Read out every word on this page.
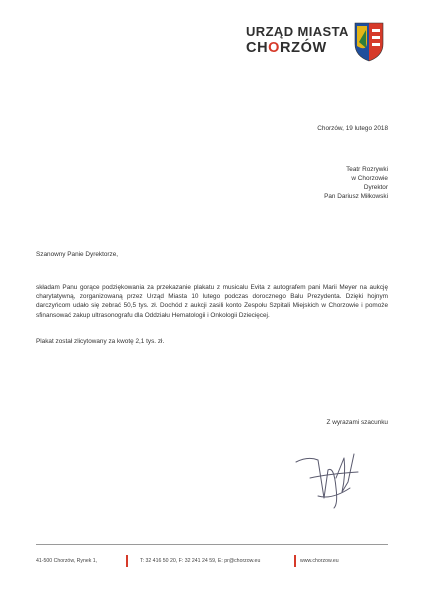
URZĄD MIASTA
CHORZÓW
Chorzów, 19 lutego 2018
Teatr Rozrywki
w Chorzowie
Dyrektor
Pan Dariusz Miłkowski
Szanowny Panie Dyrektorze,
składam Panu gorące podziękowania za przekazanie plakatu z musicalu Evita z autografem pani Marii Meyer na aukcję charytatywną, zorganizowaną przez Urząd Miasta 10 lutego podczas dorocznego Balu Prezydenta. Dzięki hojnym darczyńcom udało się zebrać 50,5 tys. zł. Dochód z aukcji zasili konto Zespołu Szpitali Miejskich w Chorzowie i pomoże sfinansować zakup ultrasonografu dla Oddziału Hematologii i Onkologii Dziecięcej.
Plakat został zlicytowany za kwotę 2,1 tys. zł.
Z wyrazami szacunku
41-500 Chorzów, Rynek 1,	T: 32 416 50 20, F: 32 241 24 59, E: pr@chorzow.eu	www.chorzow.eu
